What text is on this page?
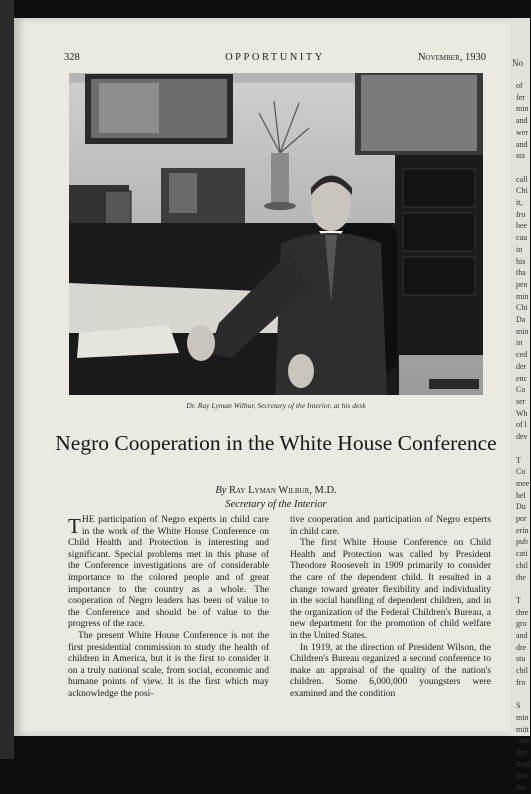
328	OPPORTUNITY	November, 1930
Dr. Ray Lyman Wilbur, Secretary of the Interior, at his desk
Negro Cooperation in the White House Conference
By Ray Lyman Wilbur, M.D.
Secretary of the Interior

THE participation of Negro experts in child care in the work of the White House Conference on Child Health and Protection is interesting and significant. Special problems met in this phase of the Conference investigations are of considerable importance to the colored people and of great importance to the country as a whole. The cooperation of Negro leaders has been of value to the Conference and should be of value to the progress of the race.

The present White House Conference is not the first presidential commission to study the health of children in America, but it is the first to consider it on a truly national scale, from social, economic and humane points of view. It is the first which may acknowledge the posi-

tive cooperation and participation of Negro experts in child care.

The first White House Conference on Child Health and Protection was called by President Theodore Roosevelt in 1909 primarily to consider the care of the dependent child. It resulted in a change toward greater flexibility and individuality in the social handling of dependent children, and in the organization of the Federal Children's Bureau, a new department for the promotion of child welfare in the United States.

In 1919, at the direction of President Wilson, the Children's Bureau organized a second conference to make an appraisal of the quality of the nation's children. Some 6,000,000 youngsters were examined and the condition

No
of
fer
min
and
wer
and
sta

call
Chi
it,
fro
bee
cau
in
his
tha
pen
min
Chi
Da
min
in
ced
der
enc
Co
ser
Wh
of l
dev

T
Co
mee
hel
Du
por
erin
pub
cati
chil
the

T
thre
gro
and
dre
stu
chil
fro

S
min
mitt
com
duc
field
tion
the
